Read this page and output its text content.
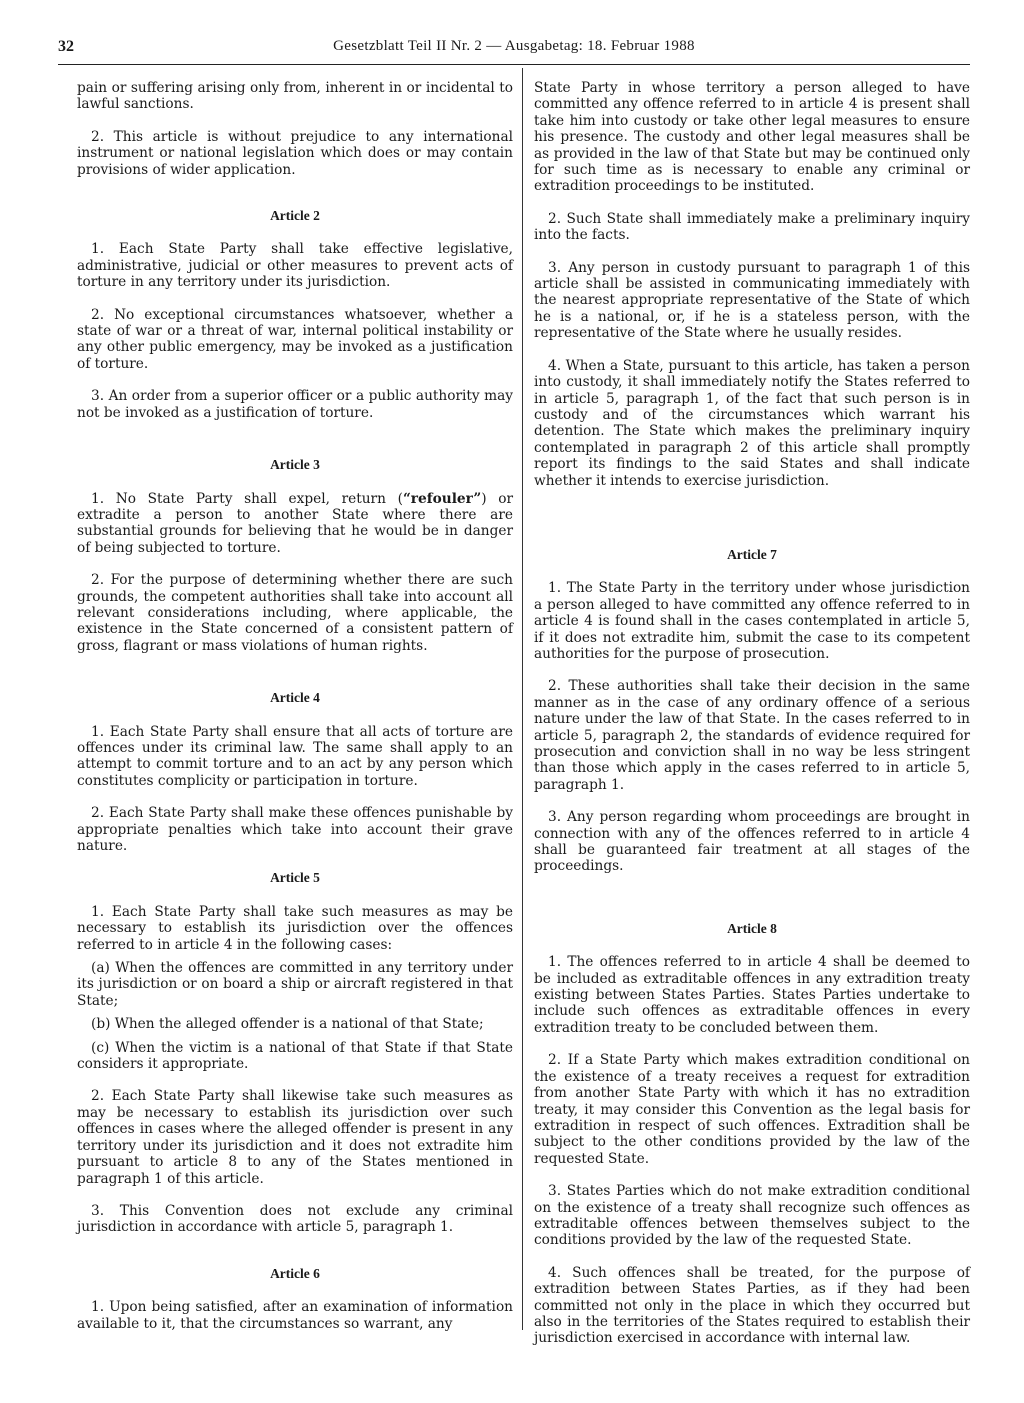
32	Gesetzblatt Teil II Nr. 2 — Ausgabetag: 18. Februar 1988

pain or suffering arising only from, inherent in or incidental to lawful sanctions.

2. This article is without prejudice to any international instrument or national legislation which does or may contain provisions of wider application.

Article 2

1. Each State Party shall take effective legislative, administrative, judicial or other measures to prevent acts of torture in any territory under its jurisdiction.

2. No exceptional circumstances whatsoever, whether a state of war or a threat of war, internal political instability or any other public emergency, may be invoked as a justification of torture.

3. An order from a superior officer or a public authority may not be invoked as a justification of torture.

Article 3

1. No State Party shall expel, return (“refouler”) or extradite a person to another State where there are substantial grounds for believing that he would be in danger of being subjected to torture.

2. For the purpose of determining whether there are such grounds, the competent authorities shall take into account all relevant considerations including, where applicable, the existence in the State concerned of a consistent pattern of gross, flagrant or mass violations of human rights.

Article 4

1. Each State Party shall ensure that all acts of torture are offences under its criminal law. The same shall apply to an attempt to commit torture and to an act by any person which constitutes complicity or participation in torture.

2. Each State Party shall make these offences punishable by appropriate penalties which take into account their grave nature.

Article 5

1. Each State Party shall take such measures as may be necessary to establish its jurisdiction over the offences referred to in article 4 in the following cases:

(a) When the offences are committed in any territory under its jurisdiction or on board a ship or aircraft registered in that State;

(b) When the alleged offender is a national of that State;

(c) When the victim is a national of that State if that State considers it appropriate.

2. Each State Party shall likewise take such measures as may be necessary to establish its jurisdiction over such offences in cases where the alleged offender is present in any territory under its jurisdiction and it does not extradite him pursuant to article 8 to any of the States mentioned in paragraph 1 of this article.

3. This Convention does not exclude any criminal jurisdiction in accordance with article 5, paragraph 1.

Article 6

1. Upon being satisfied, after an examination of information available to it, that the circumstances so warrant, any

State Party in whose territory a person alleged to have committed any offence referred to in article 4 is present shall take him into custody or take other legal measures to ensure his presence. The custody and other legal measures shall be as provided in the law of that State but may be continued only for such time as is necessary to enable any criminal or extradition proceedings to be instituted.

2. Such State shall immediately make a preliminary inquiry into the facts.

3. Any person in custody pursuant to paragraph 1 of this article shall be assisted in communicating immediately with the nearest appropriate representative of the State of which he is a national, or, if he is a stateless person, with the representative of the State where he usually resides.

4. When a State, pursuant to this article, has taken a person into custody, it shall immediately notify the States referred to in article 5, paragraph 1, of the fact that such person is in custody and of the circumstances which warrant his detention. The State which makes the preliminary inquiry contemplated in paragraph 2 of this article shall promptly report its findings to the said States and shall indicate whether it intends to exercise jurisdiction.

Article 7

1. The State Party in the territory under whose jurisdiction a person alleged to have committed any offence referred to in article 4 is found shall in the cases contemplated in article 5, if it does not extradite him, submit the case to its competent authorities for the purpose of prosecution.

2. These authorities shall take their decision in the same manner as in the case of any ordinary offence of a serious nature under the law of that State. In the cases referred to in article 5, paragraph 2, the standards of evidence required for prosecution and conviction shall in no way be less stringent than those which apply in the cases referred to in article 5, paragraph 1.

3. Any person regarding whom proceedings are brought in connection with any of the offences referred to in article 4 shall be guaranteed fair treatment at all stages of the proceedings.

Article 8

1. The offences referred to in article 4 shall be deemed to be included as extraditable offences in any extradition treaty existing between States Parties. States Parties undertake to include such offences as extraditable offences in every extradition treaty to be concluded between them.

2. If a State Party which makes extradition conditional on the existence of a treaty receives a request for extradition from another State Party with which it has no extradition treaty, it may consider this Convention as the legal basis for extradition in respect of such offences. Extradition shall be subject to the other conditions provided by the law of the requested State.

3. States Parties which do not make extradition conditional on the existence of a treaty shall recognize such offences as extraditable offences between themselves subject to the conditions provided by the law of the requested State.

4. Such offences shall be treated, for the purpose of extradition between States Parties, as if they had been committed not only in the place in which they occurred but also in the territories of the States required to establish their jurisdiction exercised in accordance with internal law.
